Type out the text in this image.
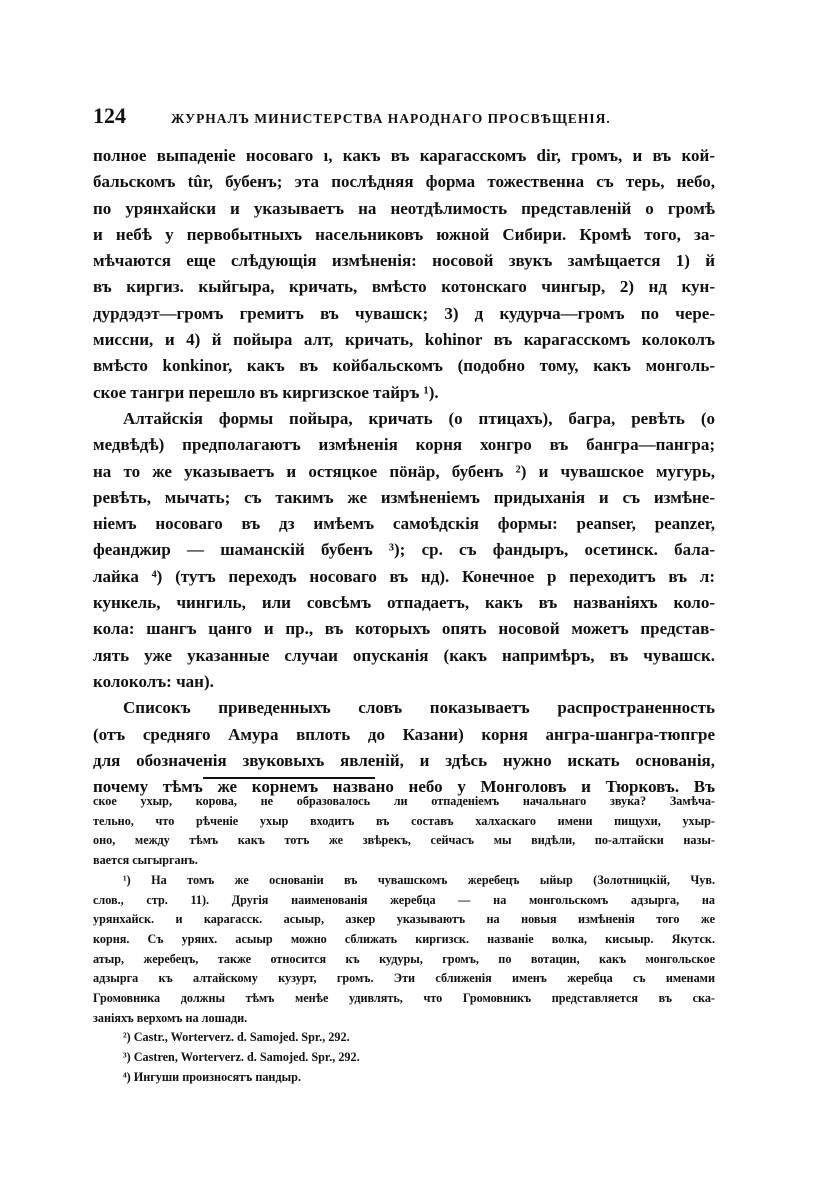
124	ЖУРНАЛЪ МИНИСТЕРСТВА НАРОДНАГО ПРОСВѢЩЕНІЯ.
полное выпаденіе носоваго ı, какъ въ карагасскомъ dir, громъ, и въ кой-
бальскомъ tûr, бубенъ; эта послѣдняя форма тожественна съ терь, небо,
по урянхайски и указываетъ на неотдѣлимость представленій о громѣ
и небѣ у первобытныхъ насельниковъ южной Сибири. Кромѣ того, за-
мѣчаются еще слѣдующія измѣненія: носовой звукъ замѣщается 1) й
въ киргиз. кыйгыра, кричать, вмѣсто котонскаго чингыр, 2) нд кун-
дурдэдэт—громъ гремитъ въ чувашск; 3) д кудурча—громъ по чере-
миссни, и 4) й пойыра алт, кричать, kohinor въ карагасскомъ колоколъ
вмѣсто konkinor, какъ въ койбальскомъ (подобно тому, какъ монголь-
ское тангри перешло въ киргизское тайръ ¹).
Алтайскія формы пойыра, кричать (о птицахъ), багра, ревѣть (о
медвѣдѣ) предполагаютъ измѣненія корня хонгро въ бангра—пангра;
на то же указываетъ и остяцкое пöнäр, бубенъ ²) и чувашское мугурь,
ревѣть, мычать; съ такимъ же измѣненіемъ придыханія и съ измѣне-
ніемъ носоваго въ дз имѣемъ самоѣдскія формы: peanser, peanzer,
феанджир — шаманскій бубенъ ³); ср. съ фандыръ, осетинск. бала-
лайка ⁴) (тутъ переходъ носоваго въ нд). Конечное р переходитъ въ л:
кункель, чингиль, или совсѣмъ отпадаетъ, какъ въ названіяхъ коло-
кола: шангъ цанго и пр., въ которыхъ опять носовой можетъ представ-
лять уже указанные случаи опусканія (какъ напримѣръ, въ чувашск.
колоколъ: чан).
Списокъ приведенныхъ словъ показываетъ распространенность
(отъ средняго Амура вплоть до Казани) корня ангра-шангра-тюпгре
для обозначенія звуковыхъ явленій, и здѣсь нужно искать основанія,
почему тѣмъ же корнемъ названо небо у Монголовъ и Тюрковъ. Въ
ское ухыр, корова, не образовалось ли отпаденіемъ начальнаго звука? Замѣча-
тельно, что рѣченіе ухыр входитъ въ составъ халхаскаго имени пищухи, ухыр-
оно, между тѣмъ какъ тотъ же звѣрекъ, сейчасъ мы видѣли, по-алтайски назы-
вается сыгырганъ.
¹) На томъ же основаніи въ чувашскомъ жеребецъ ыйыр (Золотницкій, Чув.
слов., стр. 11). Другія наименованія жеребца — на монгольскомъ адзырга, на
урянхайск. и карагасск. асыыр, азкер указываютъ на новыя измѣненія того же
корня. Съ урянх. асыыр можно сближать киргизск. названіе волка, кисыыр. Якутск.
атыр, жеребецъ, также относится къ кудуры, громъ, по вотацин, какъ монгольское
адзырга къ алтайскому кузурт, громъ. Эти сближенія именъ жеребца съ именами
Громовника должны тѣмъ менѣе удивлять, что Громовникъ представляется въ ска-
заніяхъ верхомъ на лошади.
²) Castr., Worterverz. d. Samojed. Spr., 292.
³) Castren, Worterverz. d. Samojed. Spr., 292.
⁴) Ингуши произносятъ пандыр.
